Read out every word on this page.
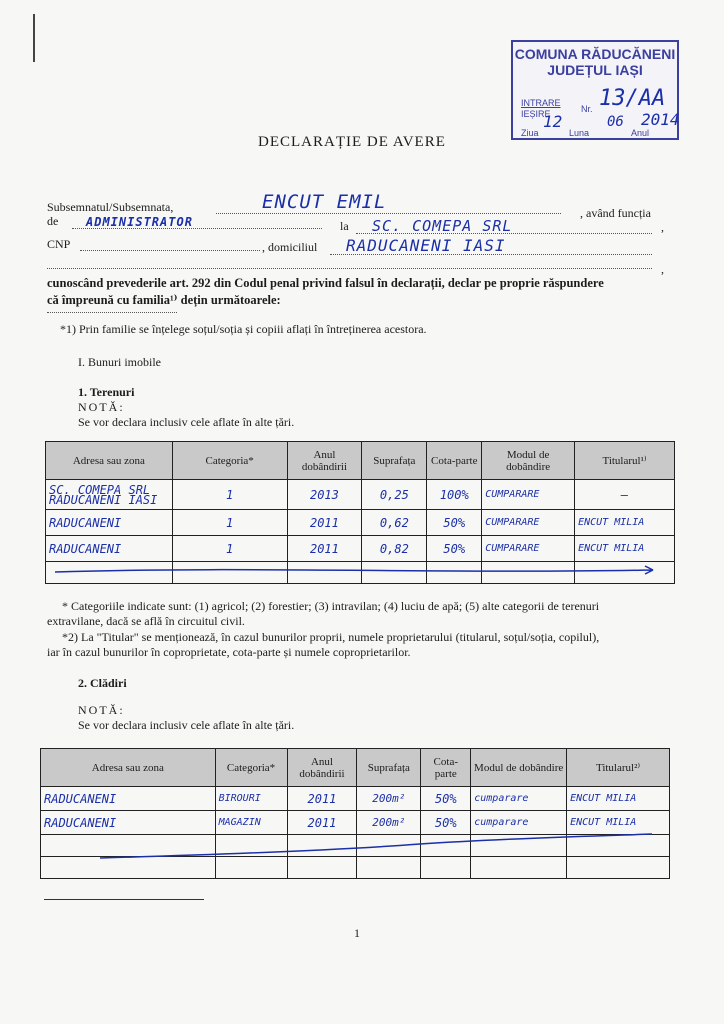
COMUNA RĂDUCĂNENI
JUDEȚUL IAȘI
INTRARE
IEȘIRE	Nr. 13/AA
Ziua	Luna	Anul
12	06 2014
DECLARAȚIE DE AVERE
Subsemnatul/Subsemnata,	ENCUT EMIL	, având funcția
de ADMINISTRATOR	la SC. COMEPA SRL	,
CNP	, domiciliul RADUCANENI IASI
,
cunoscând prevederile art. 292 din Codul penal privind falsul în declarații, declar pe proprie răspundere
că împreună cu familia¹⁾ dețin următoarele:
*1) Prin familie se înțelege soțul/soția și copiii aflați în întreținerea acestora.
I. Bunuri imobile
1. Terenuri
NOTĂ:
Se vor declara inclusiv cele aflate în alte țări.
Adresa sau zona	Categoria*	Anul dobândirii	Suprafața	Cota-parte	Modul de dobândire	Titularul¹⁾
SC. COMEPA SRL RADUCANENI IASI	1	2013	0,25	100%	CUMPARARE	—
RADUCANENI	1	2011	0,62	50%	CUMPARARE	ENCUT MILIA
RADUCANENI	1	2011	0,82	50%	CUMPARARE	ENCUT MILIA

* Categoriile indicate sunt: (1) agricol; (2) forestier; (3) intravilan; (4) luciu de apă; (5) alte categorii de terenuri
extravilane, dacă se află în circuitul civil.
*2) La "Titular" se menționează, în cazul bunurilor proprii, numele proprietarului (titularul, soțul/soția, copilul),
iar în cazul bunurilor în coproprietate, cota-parte și numele coproprietarilor.
2. Clădiri
NOTĂ:
Se vor declara inclusiv cele aflate în alte țări.
Adresa sau zona	Categoria*	Anul dobândirii	Suprafața	Cota-parte	Modul de dobândire	Titularul²⁾
RADUCANENI	BIROURI	2011	200m²	50%	cumparare	ENCUT MILIA
RADUCANENI	MAGAZIN	2011	200m²	50%	cumparare	ENCUT MILIA

1
